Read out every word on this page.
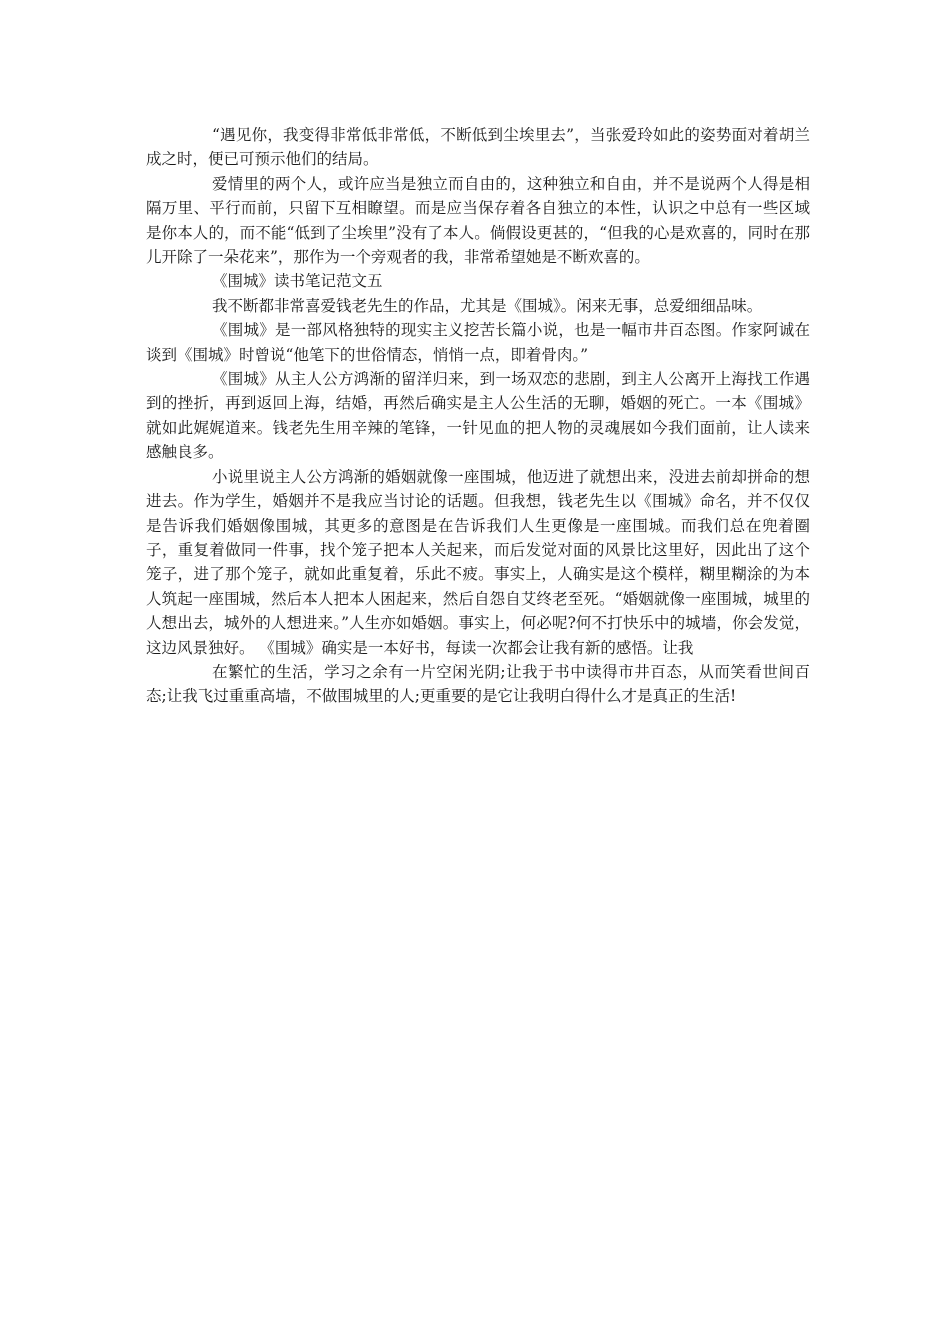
“遇见你，我变得非常低非常低，不断低到尘埃里去”，当张爱玲如此的姿势面对着胡兰成之时，便已可预示他们的结局。

爱情里的两个人，或许应当是独立而自由的，这种独立和自由，并不是说两个人得是相隔万里、平行而前，只留下互相瞭望。而是应当保存着各自独立的本性，认识之中总有一些区域是你本人的，而不能“低到了尘埃里”没有了本人。倘假设更甚的，“但我的心是欢喜的，同时在那儿开除了一朵花来”，那作为一个旁观者的我，非常希望她是不断欢喜的。

《围城》读书笔记范文五

我不断都非常喜爱钱老先生的作品，尤其是《围城》。闲来无事，总爱细细品味。

《围城》是一部风格独特的现实主义挖苦长篇小说，也是一幅市井百态图。作家阿诚在谈到《围城》时曾说“他笔下的世俗情态，悄悄一点，即着骨肉。”

《围城》从主人公方鸿渐的留洋归来，到一场双恋的悲剧，到主人公离开上海找工作遇到的挫折，再到返回上海，结婚，再然后确实是主人公生活的无聊，婚姻的死亡。一本《围城》就如此娓娓道来。钱老先生用辛辣的笔锋，一针见血的把人物的灵魂展如今我们面前，让人读来感触良多。

小说里说主人公方鸿渐的婚姻就像一座围城，他迈进了就想出来，没进去前却拼命的想进去。作为学生，婚姻并不是我应当讨论的话题。但我想，钱老先生以《围城》命名，并不仅仅是告诉我们婚姻像围城，其更多的意图是在告诉我们人生更像是一座围城。而我们总在兜着圈子，重复着做同一件事，找个笼子把本人关起来，而后发觉对面的风景比这里好，因此出了这个笼子，进了那个笼子，就如此重复着，乐此不疲。事实上，人确实是这个模样，糊里糊涂的为本人筑起一座围城，然后本人把本人困起来，然后自怨自艾终老至死。“婚姻就像一座围城，城里的人想出去，城外的人想进来。”人生亦如婚姻。事实上，何必呢?何不打快乐中的城墙，你会发觉，这边风景独好。 《围城》确实是一本好书，每读一次都会让我有新的感悟。让我

在繁忙的生活，学习之余有一片空闲光阴;让我于书中读得市井百态，从而笑看世间百态;让我飞过重重高墙，不做围城里的人;更重要的是它让我明白得什么才是真正的生活!
